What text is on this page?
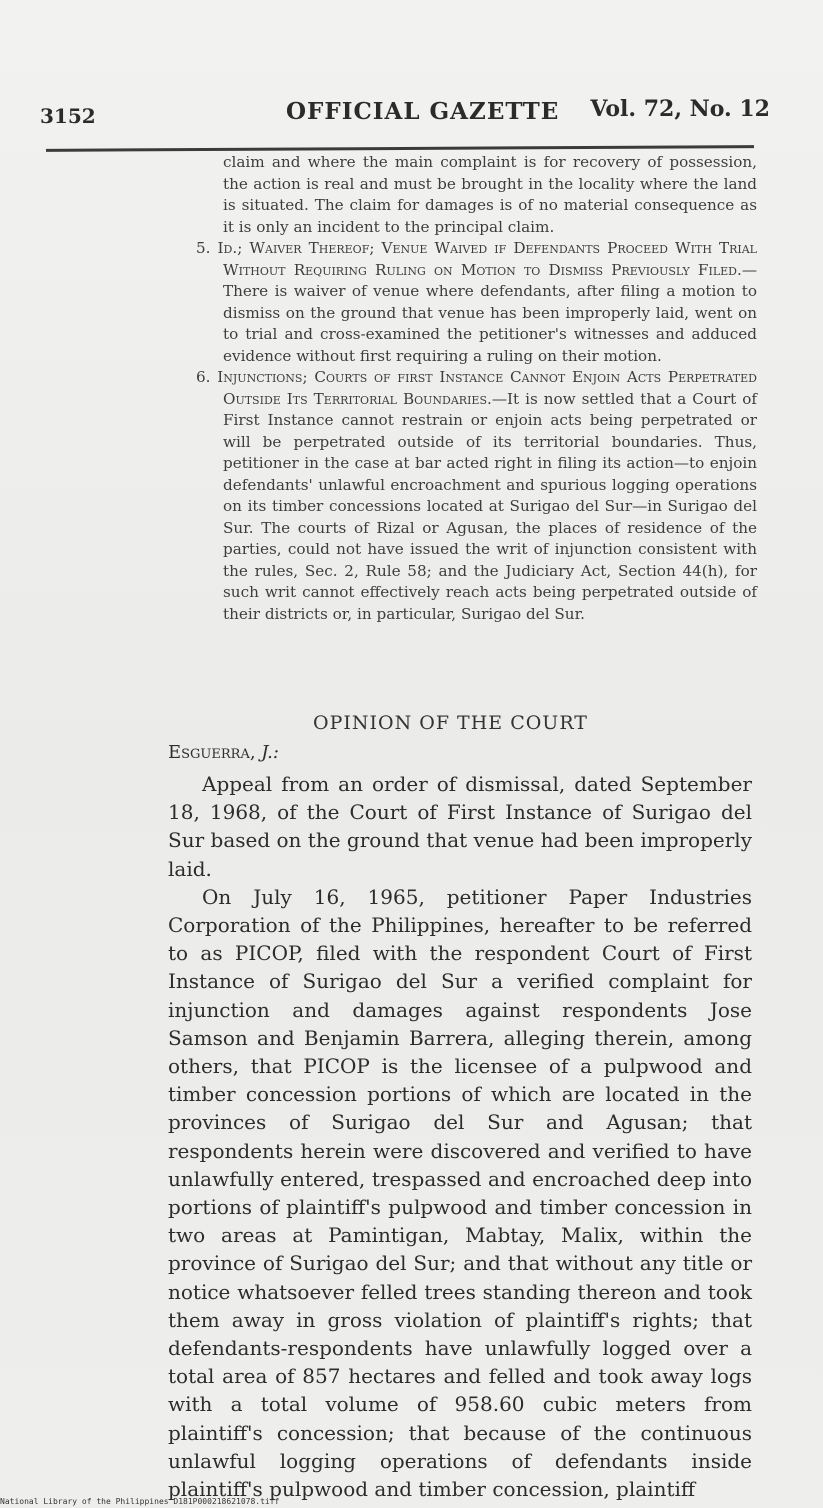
3152	OFFICIAL GAZETTE Vol. 72, No. 12

claim and where the main complaint is for recovery of possession, the action is real and must be brought in the locality where the land is situated. The claim for damages is of no material consequence as it is only an incident to the principal claim.

5. Id.; Waiver Thereof; Venue Waived if Defendants Proceed With Trial Without Requiring Ruling on Motion to Dismiss Previously Filed.—There is waiver of venue where defendants, after filing a motion to dismiss on the ground that venue has been improperly laid, went on to trial and cross-examined the petitioner's witnesses and adduced evidence without first requiring a ruling on their motion.

6. Injunctions; Courts of first Instance Cannot Enjoin Acts Perpetrated Outside Its Territorial Boundaries.—It is now settled that a Court of First Instance cannot restrain or enjoin acts being perpetrated or will be perpetrated outside of its territorial boundaries. Thus, petitioner in the case at bar acted right in filing its action—to enjoin defendants' unlawful encroachment and spurious logging operations on its timber concessions located at Surigao del Sur—in Surigao del Sur. The courts of Rizal or Agusan, the places of residence of the parties, could not have issued the writ of injunction consistent with the rules, Sec. 2, Rule 58; and the Judiciary Act, Section 44(h), for such writ cannot effectively reach acts being perpetrated outside of their districts or, in particular, Surigao del Sur.

OPINION OF THE COURT
Esguerra, J.:

Appeal from an order of dismissal, dated September 18, 1968, of the Court of First Instance of Surigao del Sur based on the ground that venue had been improperly laid.

On July 16, 1965, petitioner Paper Industries Corporation of the Philippines, hereafter to be referred to as PICOP, filed with the respondent Court of First Instance of Surigao del Sur a verified complaint for injunction and damages against respondents Jose Samson and Benjamin Barrera, alleging therein, among others, that PICOP is the licensee of a pulpwood and timber concession portions of which are located in the provinces of Surigao del Sur and Agusan; that respondents herein were discovered and verified to have unlawfully entered, trespassed and encroached deep into portions of plaintiff's pulpwood and timber concession in two areas at Pamintigan, Mabtay, Malix, within the province of Surigao del Sur; and that without any title or notice whatsoever felled trees standing thereon and took them away in gross violation of plaintiff's rights; that defendants-respondents have unlawfully logged over a total area of 857 hectares and felled and took away logs with a total volume of 958.60 cubic meters from plaintiff's concession; that because of the continuous unlawful logging operations of defendants inside plaintiff's pulpwood and timber concession, plaintiff

National Library of the Philippines D181P000218621078.tiff
